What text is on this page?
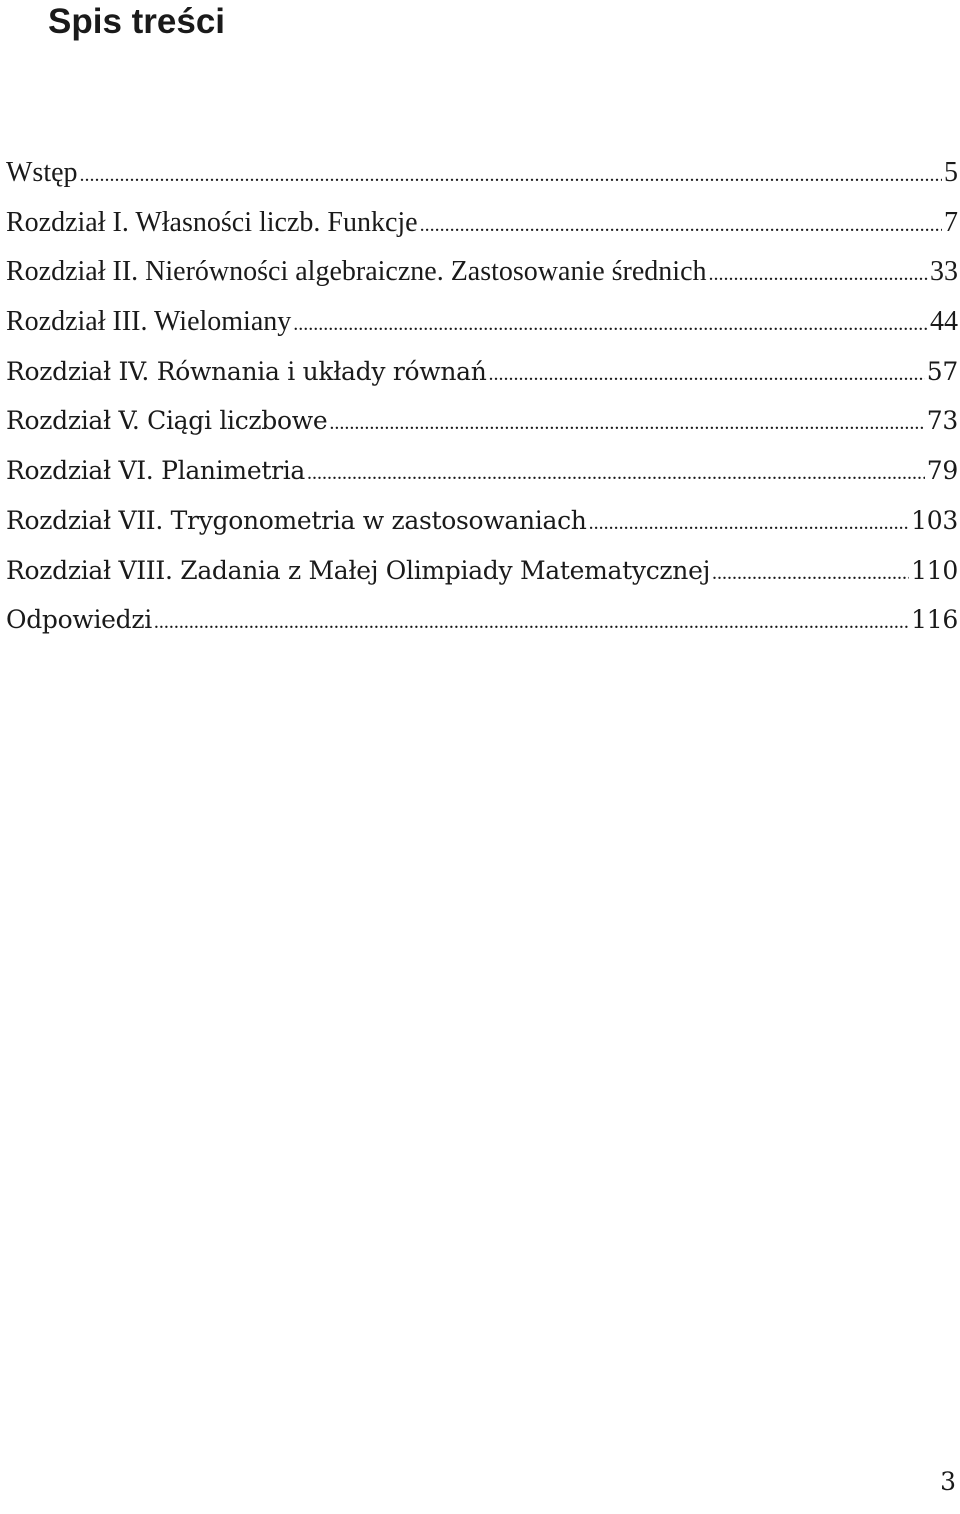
Spis treści
Wstęp .....	5
Rozdział I. Własności liczb. Funkcje .....	7
Rozdział II. Nierówności algebraiczne. Zastosowanie średnich .....	33
Rozdział III. Wielomiany .....	44
Rozdział IV. Równania i układy równań .....	57
Rozdział V. Ciągi liczbowe .....	73
Rozdział VI. Planimetria .....	79
Rozdział VII. Trygonometria w zastosowaniach .....	103
Rozdział VIII. Zadania z Małej Olimpiady Matematycznej .....	110
Odpowiedzi .....	116
3
